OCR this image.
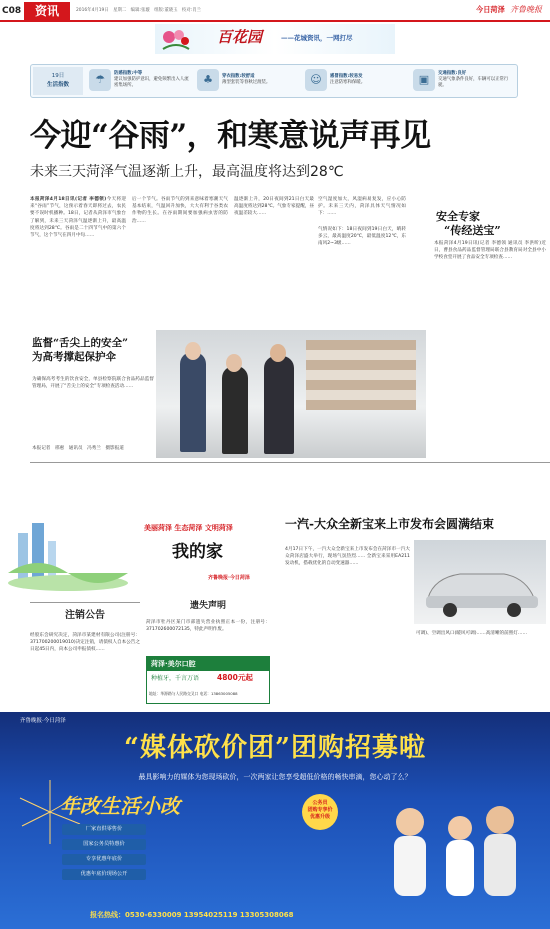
C08	资讯	2016年4月19日　星期二　编辑:张璇　组版:董晓玉　校对:肖兰	今日菏泽 齐鲁晚报
百花园	——花城资讯，一网打尽
19日
生活指数	☂	防感指数:中等
建议加强防护意识，避免频繁出入人流密集场所。	♣	穿衣指数:较舒适
薄型套装等春秋过渡装。	☺	感冒指数:较易发
注意防寒和保暖。	▣	交通指数:良好
交通气象条件良好，车辆可以正常行驶。
今迎“谷雨”，和寒意说声再见
未来三天菏泽气温逐渐上升，最高温度将达到28℃
本报菏泽4月18日讯(记者 李德领)今天将迎来“谷雨”节气，这预示着春天即将过去，农民要不误时机播种。18日，记者从菏泽市气象台了解到，未来三天菏泽气温逐渐上升，最高温度将达到28℃。谷雨是二十四节气中的第六个节气，这个节气在四月中旬……
后一个节气。谷雨节气的到来意味着寒潮天气基本结束，气温回升加快，大大有利于谷类农作物的生长。在谷雨期间要加强病虫害的防治……
温逐渐上升，20日夜间到21日白天最高温度将达到28℃。气象专家提醒，昼夜温差较大……
空气湿度加大，风湿病易复发，应小心防护。未来三天内，菏泽具体天气情况如下：……
气情况如下：18日夜间到19日白天，晴转多云，最高温度20℃，最低温度12℃，东南风2~3级……
安全专家
“传经送宝”
本报菏泽4月19日讯(记者 李德领 通讯员 李洪昕)近日，曹县食品药品监督管理局联合县教育局对全县中小学校食堂开展了食品安全专项检查……
监督“舌尖上的安全”
为高考撑起保护伞
为确保高考考生的饮食安全，单县检察院联合食品药品监督管理局，开展了“舌尖上的安全”专项检查活动……
本报记者　邢惠　通讯员　冯秀兰　摄影报道
美丽菏泽 生态菏泽 文明菏泽
我的家
齐鲁晚报·今日菏泽
一汽-大众全新宝来上市发布会圆满结束
4月17日下午，一汽大众全新宝来上市发布会在菏泽市一汽大众菏泽店盛大举行，现场气氛热烈…… 全新宝来采用EA211发动机，搭载优化的自动变速器……
可调)、空调出风口(暖风可调)……高清晰的前照灯……
注销公告
经股东会研究决定，菏泽市某建材有限公司(注册号：371700200019010)决定注销，请债权人自本公告之日起45日内，向本公司申报债权……
遗失声明
菏泽市牡丹区某门市部遗失营业执照正本一份，注册号：371702600072135，特此声明作废。
菏泽·美尔口腔
种植牙，千言万语 4800元起
地址：华源路与人民路交叉口 电话：13863005088
齐鲁晚报·今日菏泽
“媒体砍价团”团购招募啦
最具影响力的媒体为您现场砍价，一次两家让您享受超低价格的畅快串滴，您心动了么？
年改生活小改	公务员
团购专享价
优惠升级
厂家直供零售价
国家公务员特惠价
专享优惠年底价
优惠年底价现场公开
报名热线：0530-6330009 13954025119 13305308068
